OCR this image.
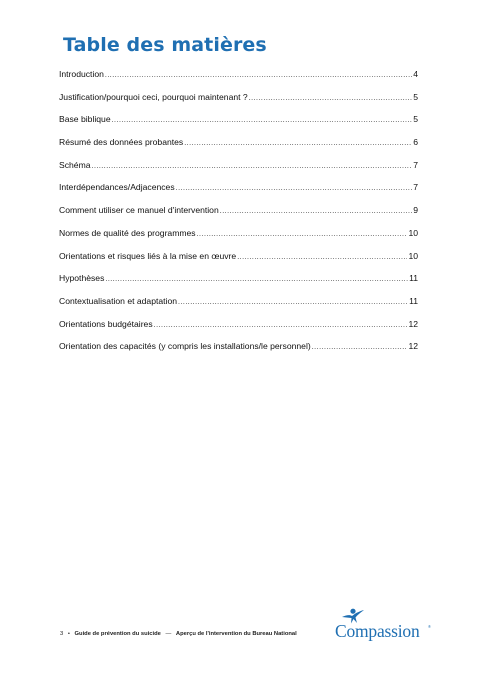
Table des matières
Introduction .....	4
Justification/pourquoi ceci, pourquoi maintenant ? .....	5
Base biblique .....	5
Résumé des données probantes .....	6
Schéma .....	7
Interdépendances/Adjacences .....	7
Comment utiliser ce manuel d'intervention .....	9
Normes de qualité des programmes .....	10
Orientations et risques liés à la mise en œuvre .....	10
Hypothèses .....	11
Contextualisation et adaptation .....	11
Orientations budgétaires .....	12
Orientation des capacités (y compris les installations/le personnel) .....	12
3 • Guide de prévention du suicide — Aperçu de l'intervention du Bureau National Compassion ®
